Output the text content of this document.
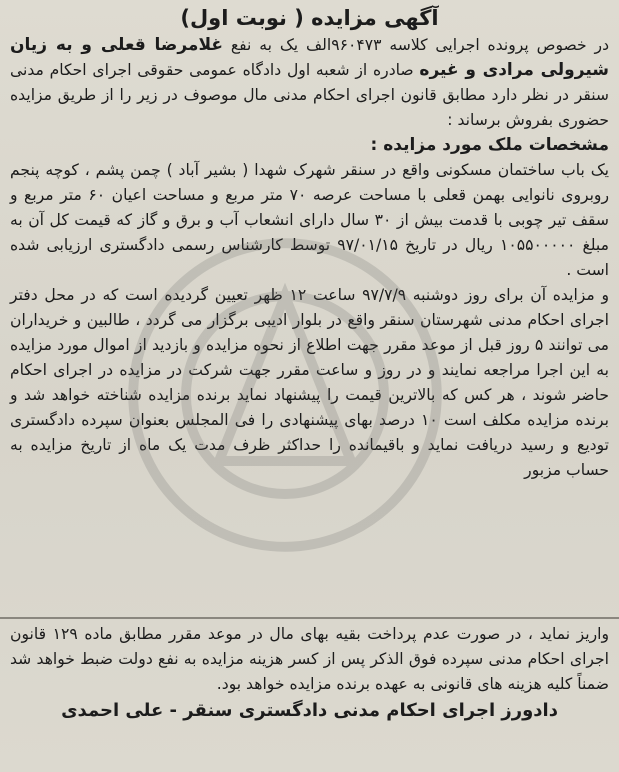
آگهی مزایده ( نوبت اول)

در خصوص پرونده اجرایی کلاسه ۹۶۰۴۷۳الف یک به نفع غلامرضا قعلی و به زیان شیرولی مرادی و غیره صادره از شعبه اول دادگاه عمومی حقوقی اجرای احکام مدنی سنقر در نظر دارد مطابق قانون اجرای احکام مدنی مال موصوف در زیر را از طریق مزایده حضوری بفروش برساند :

مشخصات ملک مورد مزایده :

یک باب ساختمان مسکونی واقع در سنقر شهرک شهدا ( بشیر آباد ) چمن پشم ، کوچه پنجم روبروی نانوایی بهمن قعلی با مساحت عرصه ۷۰ متر مربع و مساحت اعیان ۶۰ متر مربع و سقف تیر چوبی با قدمت بیش از ۳۰ سال دارای انشعاب آب و برق و گاز که قیمت کل آن به مبلغ ۱۰۵۵۰۰۰۰۰ ریال در تاریخ ۹۷/۰۱/۱۵ توسط کارشناس رسمی دادگستری ارزیابی شده است .

و مزایده آن برای روز دوشنبه ۹۷/۷/۹ ساعت ۱۲ ظهر تعیین گردیده است که در محل دفتر اجرای احکام مدنی شهرستان سنقر واقع در بلوار ادیبی برگزار می گردد ، طالبین و خریداران می توانند ۵ روز قبل از موعد مقرر جهت اطلاع از نحوه مزایده و بازدید از اموال مورد مزایده به این اجرا مراجعه نمایند و در روز و ساعت مقرر جهت شرکت در مزایده در اجرای احکام حاضر شوند ، هر کس که بالاترین قیمت را پیشنهاد نماید برنده مزایده شناخته خواهد شد و برنده مزایده مکلف است ۱۰ درصد بهای پیشنهادی را فی المجلس بعنوان سپرده دادگستری تودیع و رسید دریافت نماید و باقیمانده را حداکثر ظرف مدت یک ماه از تاریخ مزایده به حساب مزبور

واریز نماید ، در صورت عدم پرداخت بقیه بهای مال در موعد مقرر مطابق ماده ۱۲۹ قانون اجرای احکام مدنی سپرده فوق الذکر پس از کسر هزینه مزایده به نفع دولت ضبط خواهد شد ضمناً کلیه هزینه های قانونی به عهده برنده مزایده خواهد بود.

دادورز اجرای احکام مدنی دادگستری سنقر - علی احمدی
